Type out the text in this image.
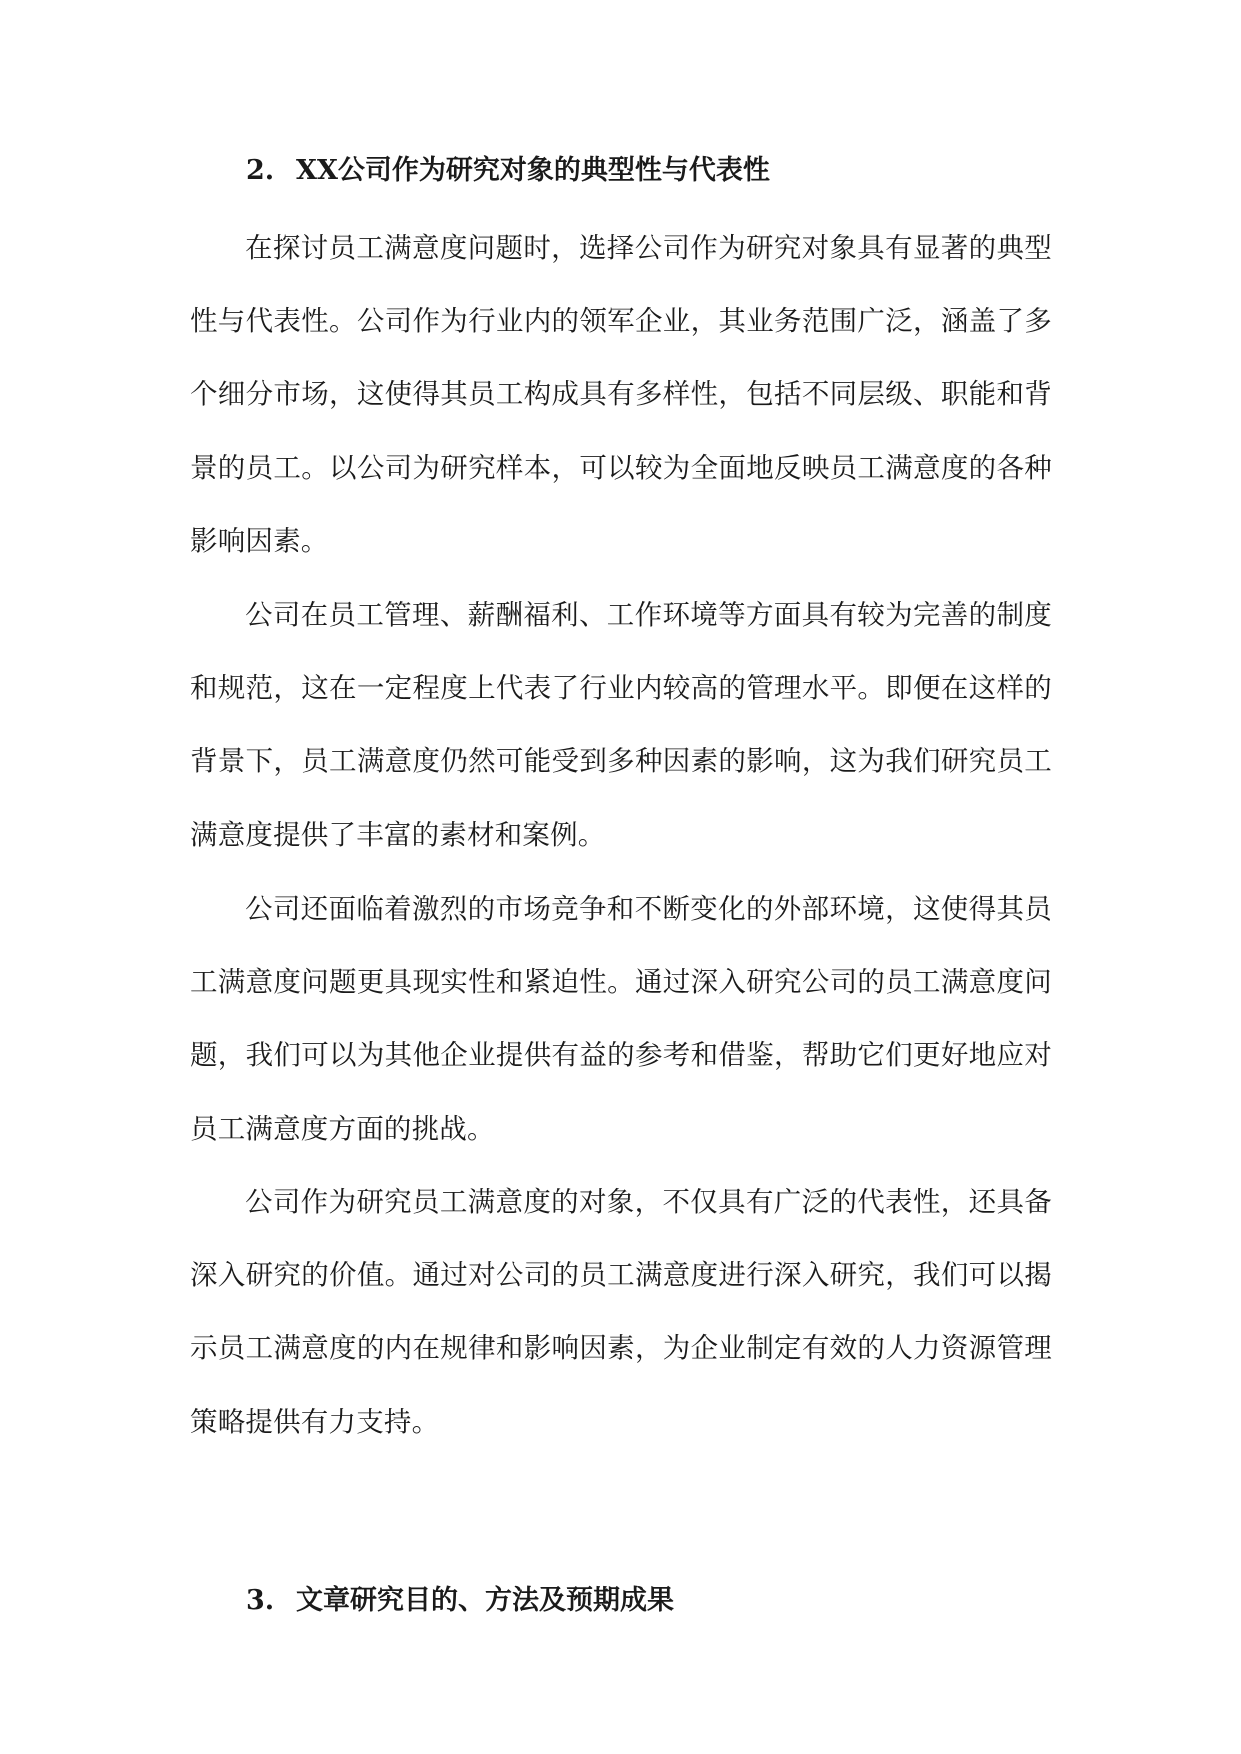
2. XX公司作为研究对象的典型性与代表性

在探讨员工满意度问题时，选择公司作为研究对象具有显著的典型性与代表性。公司作为行业内的领军企业，其业务范围广泛，涵盖了多个细分市场，这使得其员工构成具有多样性，包括不同层级、职能和背景的员工。以公司为研究样本，可以较为全面地反映员工满意度的各种影响因素。

公司在员工管理、薪酬福利、工作环境等方面具有较为完善的制度和规范，这在一定程度上代表了行业内较高的管理水平。即便在这样的背景下，员工满意度仍然可能受到多种因素的影响，这为我们研究员工满意度提供了丰富的素材和案例。

公司还面临着激烈的市场竞争和不断变化的外部环境，这使得其员工满意度问题更具现实性和紧迫性。通过深入研究公司的员工满意度问题，我们可以为其他企业提供有益的参考和借鉴，帮助它们更好地应对员工满意度方面的挑战。

公司作为研究员工满意度的对象，不仅具有广泛的代表性，还具备深入研究的价值。通过对公司的员工满意度进行深入研究，我们可以揭示员工满意度的内在规律和影响因素，为企业制定有效的人力资源管理策略提供有力支持。

3. 文章研究目的、方法及预期成果
